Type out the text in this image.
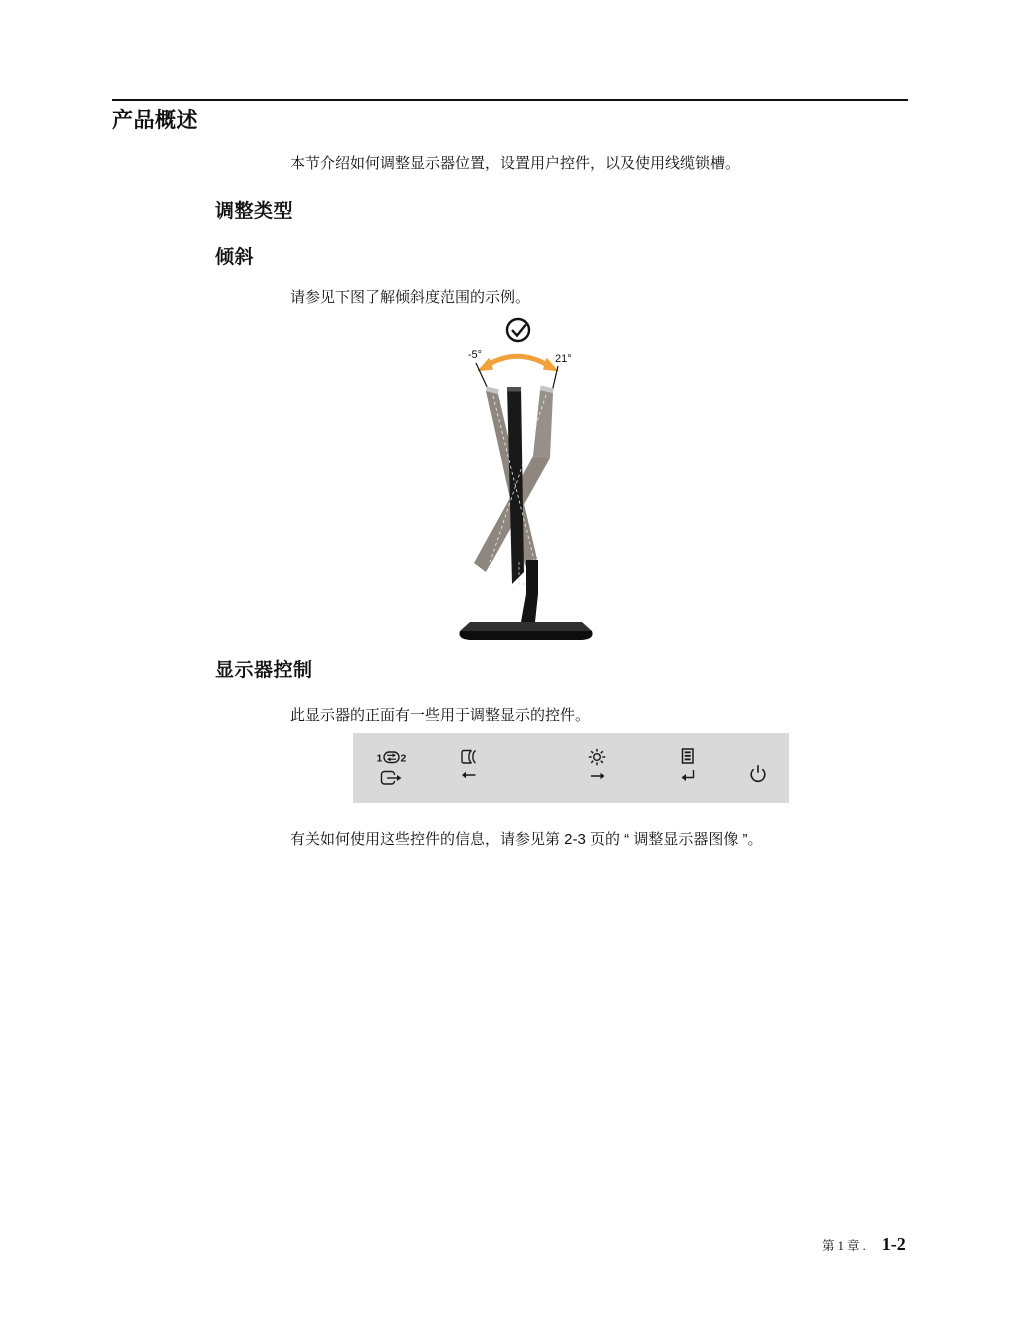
产品概述
本节介绍如何调整显示器位置，设置用户控件，以及使用线缆锁槽。
调整类型
倾斜
请参见下图了解倾斜度范围的示例。
-5°	21°
显示器控制
此显示器的正面有一些用于调整显示的控件。
1 2
有关如何使用这些控件的信息，请参见第 2-3 页的 “ 调整显示器图像 ”。
第 1 章 . 1-2
